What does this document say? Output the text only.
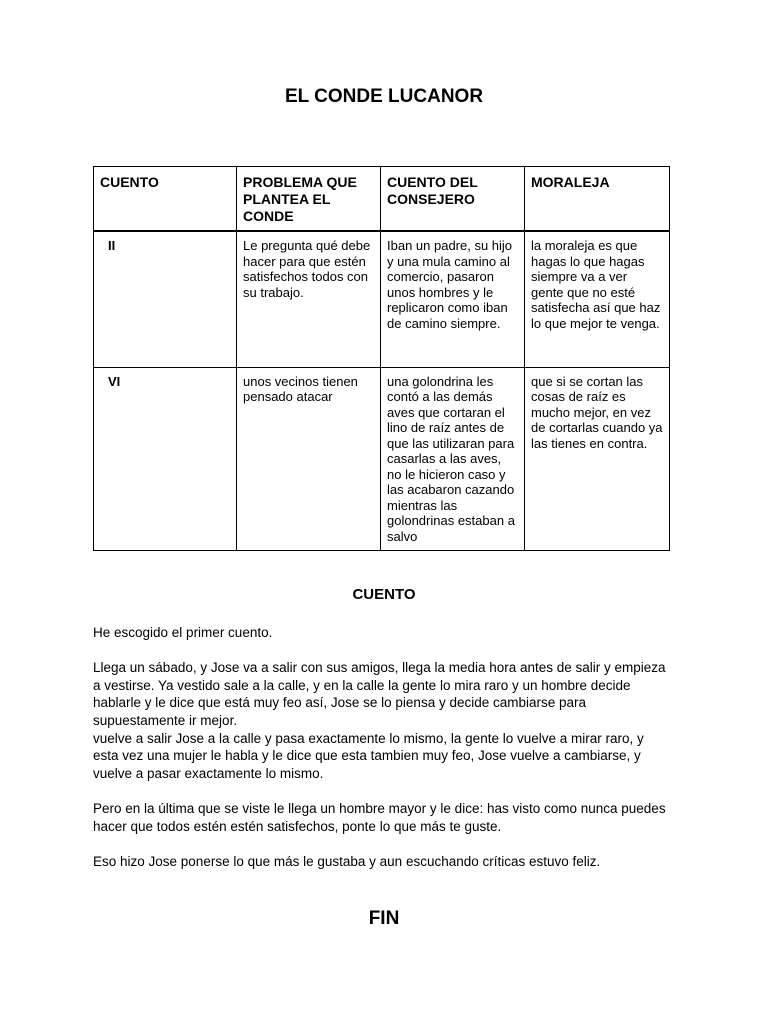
EL CONDE LUCANOR
CUENTO	PROBLEMA QUE PLANTEA EL CONDE	CUENTO DEL CONSEJERO	MORALEJA
II	Le pregunta qué debe hacer para que estén satisfechos todos con su trabajo.	Iban un padre, su hijo y una mula camino al comercio, pasaron unos hombres y le replicaron como iban de camino siempre.	la moraleja es que hagas lo que hagas siempre va a ver gente que no esté satisfecha así que haz lo que mejor te venga.
VI	unos vecinos tienen pensado atacar	una golondrina les contó a las demás aves que cortaran el lino de raíz antes de que las utilizaran para casarlas a las aves, no le hicieron caso y las acabaron cazando mientras las golondrinas estaban a salvo	que si se cortan las cosas de raíz es mucho mejor, en vez de cortarlas cuando ya las tienes en contra.
CUENTO

He escogido el primer cuento.

Llega un sábado, y Jose va a salir con sus amigos, llega la media hora antes de salir y empieza a vestirse. Ya vestido sale a la calle, y en la calle la gente lo mira raro y un hombre decide hablarle y le dice que está muy feo así, Jose se lo piensa y decide cambiarse para supuestamente ir mejor.
vuelve a salir Jose a la calle y pasa exactamente lo mismo, la gente lo vuelve a mirar raro, y esta vez una mujer le habla y le dice que esta tambien muy feo, Jose vuelve a cambiarse, y vuelve a pasar exactamente lo mismo.

Pero en la última que se viste le llega un hombre mayor y le dice: has visto como nunca puedes hacer que todos estén estén satisfechos, ponte lo que más te guste.

Eso hizo Jose ponerse lo que más le gustaba y aun escuchando críticas estuvo feliz.

FIN
